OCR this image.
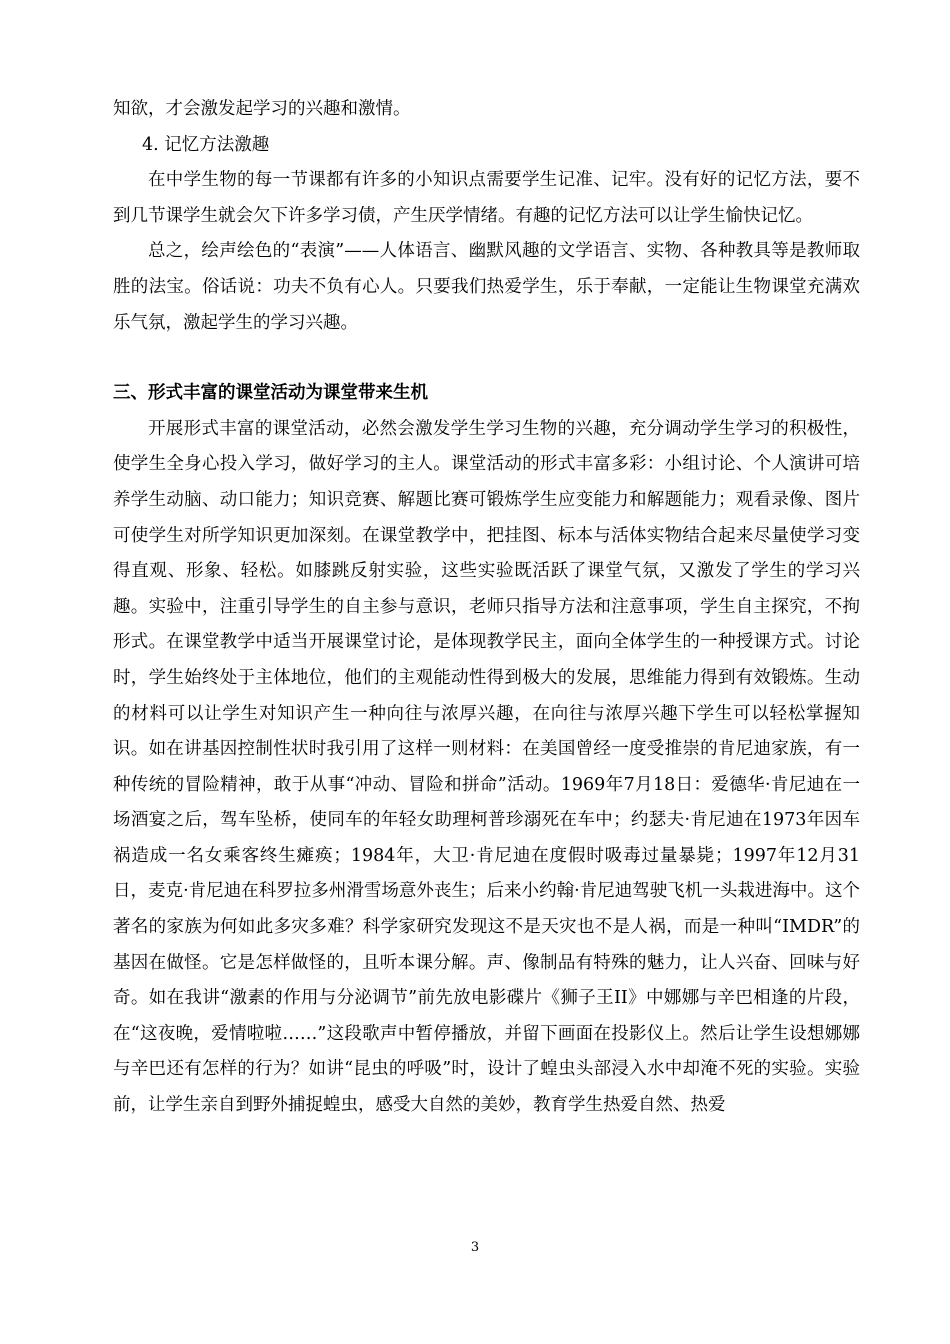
知欲，才会激发起学习的兴趣和激情。

4. 记忆方法激趣

在中学生物的每一节课都有许多的小知识点需要学生记准、记牢。没有好的记忆方法，要不到几节课学生就会欠下许多学习债，产生厌学情绪。有趣的记忆方法可以让学生愉快记忆。

总之，绘声绘色的“表演”——人体语言、幽默风趣的文学语言、实物、各种教具等是教师取胜的法宝。俗话说：功夫不负有心人。只要我们热爱学生，乐于奉献，一定能让生物课堂充满欢乐气氛，激起学生的学习兴趣。

三、形式丰富的课堂活动为课堂带来生机

开展形式丰富的课堂活动，必然会激发学生学习生物的兴趣，充分调动学生学习的积极性，使学生全身心投入学习，做好学习的主人。课堂活动的形式丰富多彩：小组讨论、个人演讲可培养学生动脑、动口能力；知识竞赛、解题比赛可锻炼学生应变能力和解题能力；观看录像、图片可使学生对所学知识更加深刻。在课堂教学中，把挂图、标本与活体实物结合起来尽量使学习变得直观、形象、轻松。如膝跳反射实验，这些实验既活跃了课堂气氛，又激发了学生的学习兴趣。实验中，注重引导学生的自主参与意识，老师只指导方法和注意事项，学生自主探究，不拘形式。在课堂教学中适当开展课堂讨论，是体现教学民主，面向全体学生的一种授课方式。讨论时，学生始终处于主体地位，他们的主观能动性得到极大的发展，思维能力得到有效锻炼。生动的材料可以让学生对知识产生一种向往与浓厚兴趣，在向往与浓厚兴趣下学生可以轻松掌握知识。如在讲基因控制性状时我引用了这样一则材料：在美国曾经一度受推崇的肯尼迪家族，有一种传统的冒险精神，敢于从事“冲动、冒险和拼命”活动。1969年7月18日：爱德华·肯尼迪在一场酒宴之后，驾车坠桥，使同车的年轻女助理柯普珍溺死在车中；约瑟夫·肯尼迪在1973年因车祸造成一名女乘客终生瘫痪；1984年，大卫·肯尼迪在度假时吸毒过量暴毙；1997年12月31日，麦克·肯尼迪在科罗拉多州滑雪场意外丧生；后来小约翰·肯尼迪驾驶飞机一头栽进海中。这个著名的家族为何如此多灾多难？科学家研究发现这不是天灾也不是人祸，而是一种叫“IMDR”的基因在做怪。它是怎样做怪的，且听本课分解。声、像制品有特殊的魅力，让人兴奋、回味与好奇。如在我讲“激素的作用与分泌调节”前先放电影碟片《狮子王II》中娜娜与辛巴相逢的片段，在“这夜晚，爱情啦啦……”这段歌声中暂停播放，并留下画面在投影仪上。然后让学生设想娜娜与辛巴还有怎样的行为？如讲“昆虫的呼吸”时，设计了蝗虫头部浸入水中却淹不死的实验。实验前，让学生亲自到野外捕捉蝗虫，感受大自然的美妙，教育学生热爱自然、热爱

3
